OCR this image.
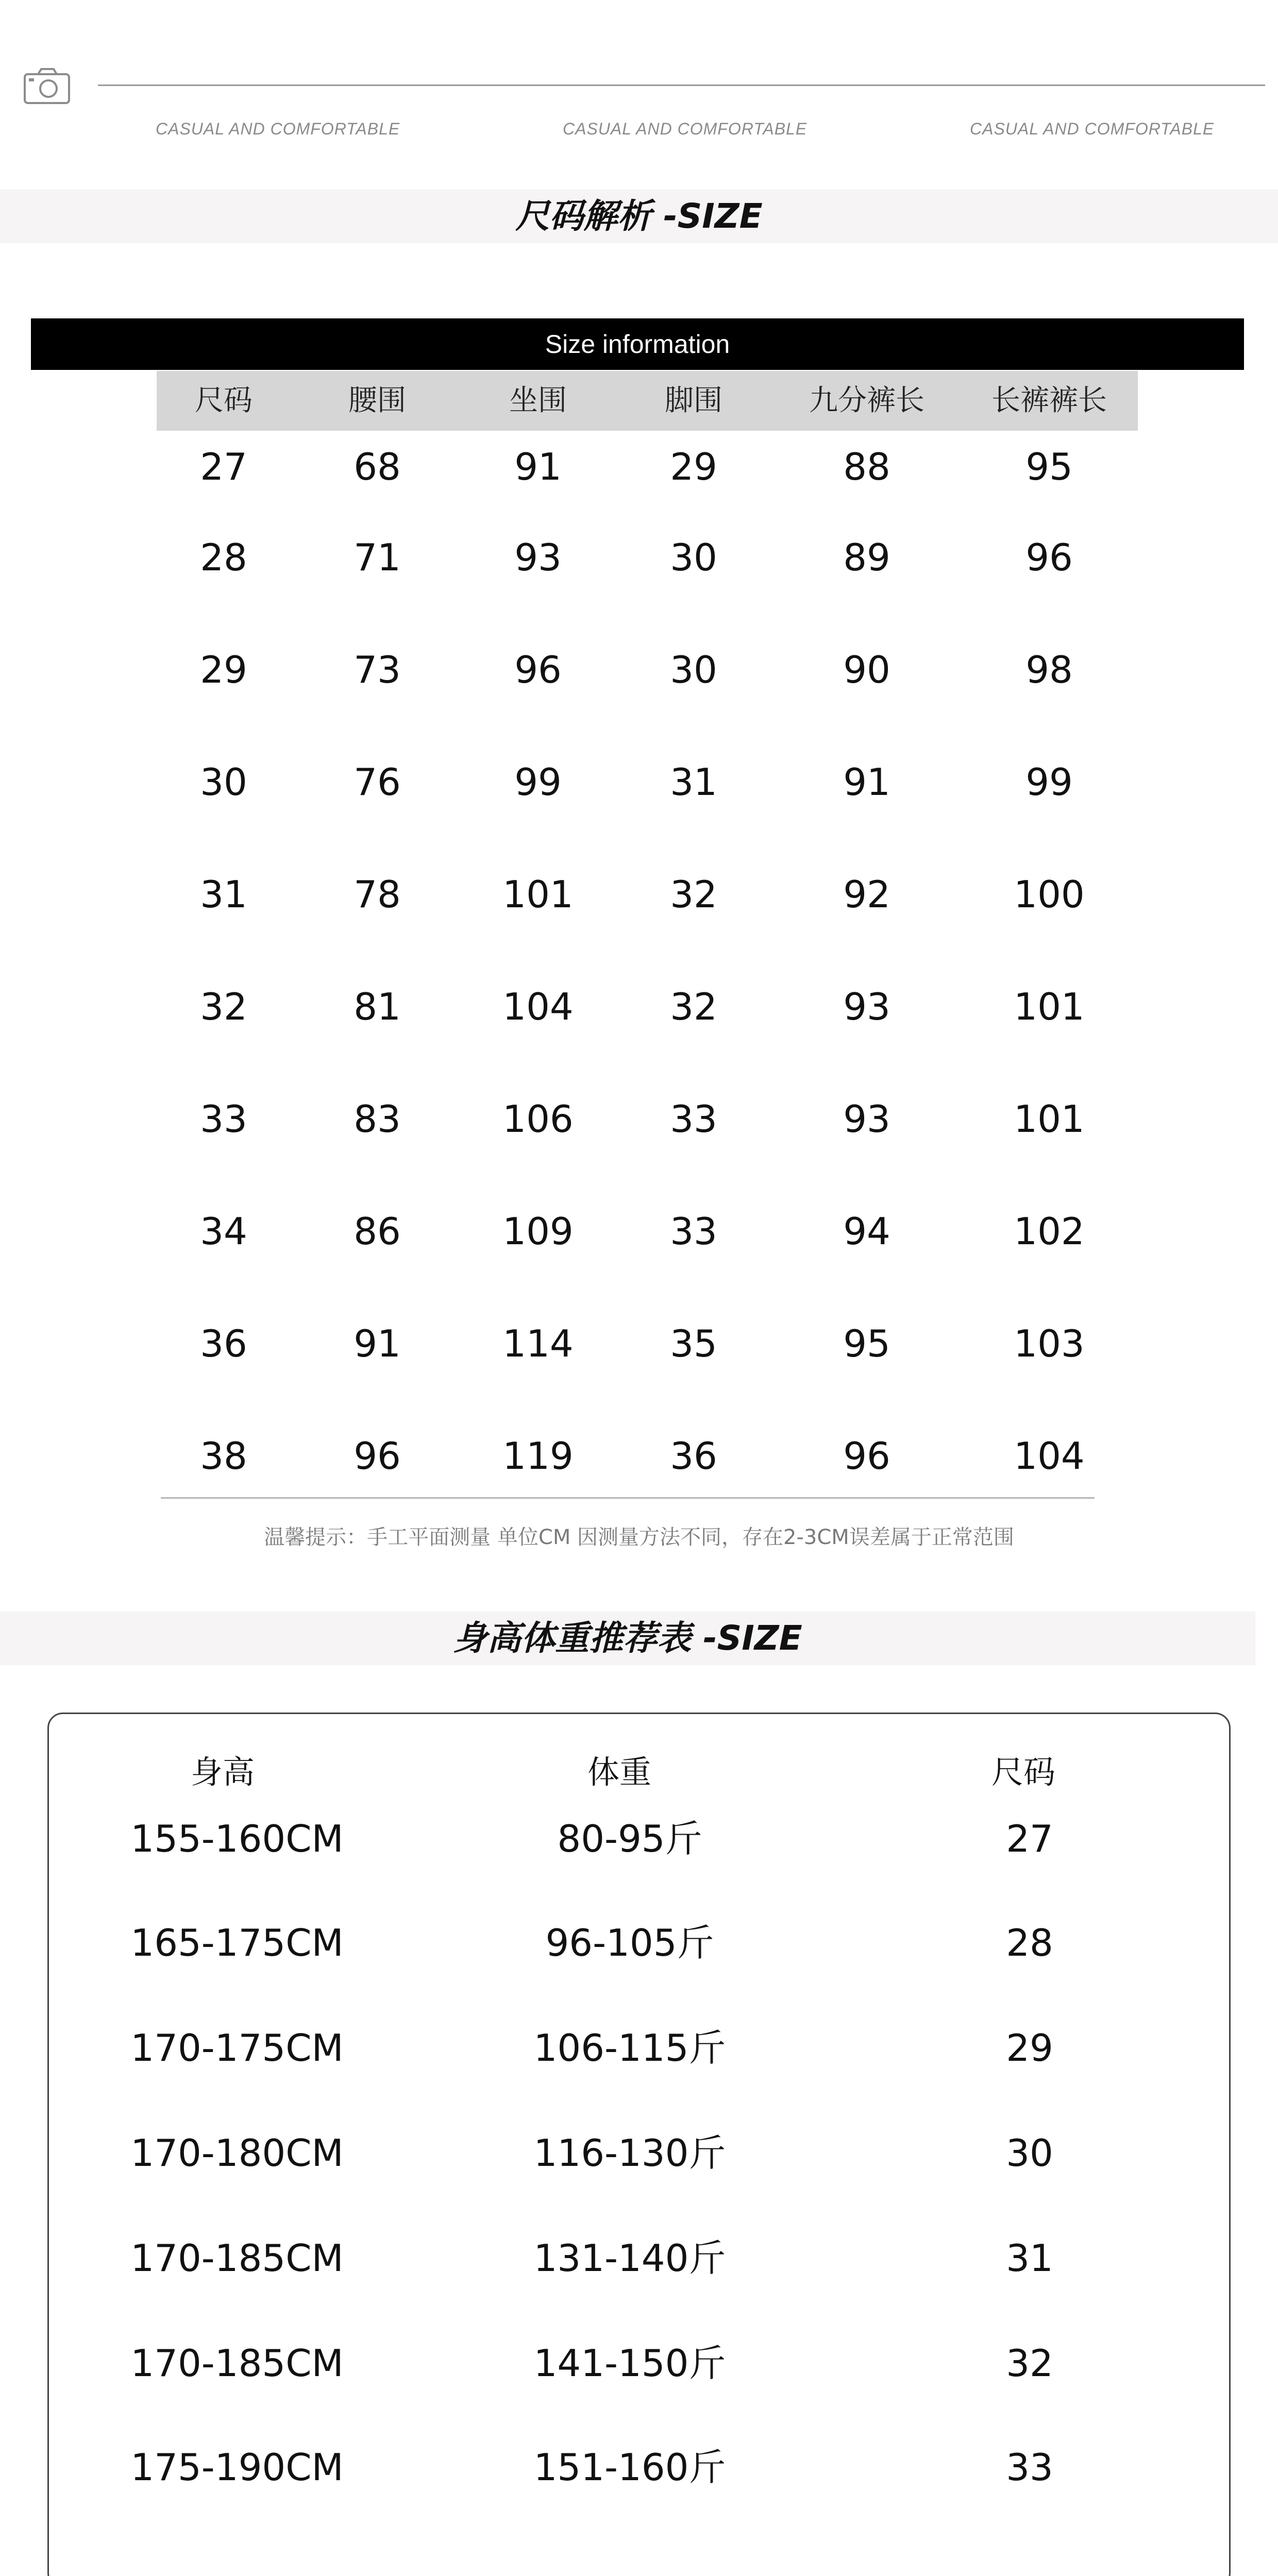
CASUAL AND COMFORTABLE	CASUAL AND COMFORTABLE	CASUAL AND COMFORTABLE
尺码解析 -SIZE
Size information
尺码	腰围	坐围	脚围	九分裤长	长裤裤长
27	68	91	29	88	95
28	71	93	30	89	96
29	73	96	30	90	98
30	76	99	31	91	99
31	78	101	32	92	100
32	81	104	32	93	101
33	83	106	33	93	101
34	86	109	33	94	102
36	91	114	35	95	103
38	96	119	36	96	104
温馨提示：手工平面测量 单位CM 因测量方法不同，存在2-3CM误差属于正常范围
身高体重推荐表 -SIZE
身高	体重	尺码
155-160CM	80-95斤	27
165-175CM	96-105斤	28
170-175CM	106-115斤	29
170-180CM	116-130斤	30
170-185CM	131-140斤	31
170-185CM	141-150斤	32
175-190CM	151-160斤	33
